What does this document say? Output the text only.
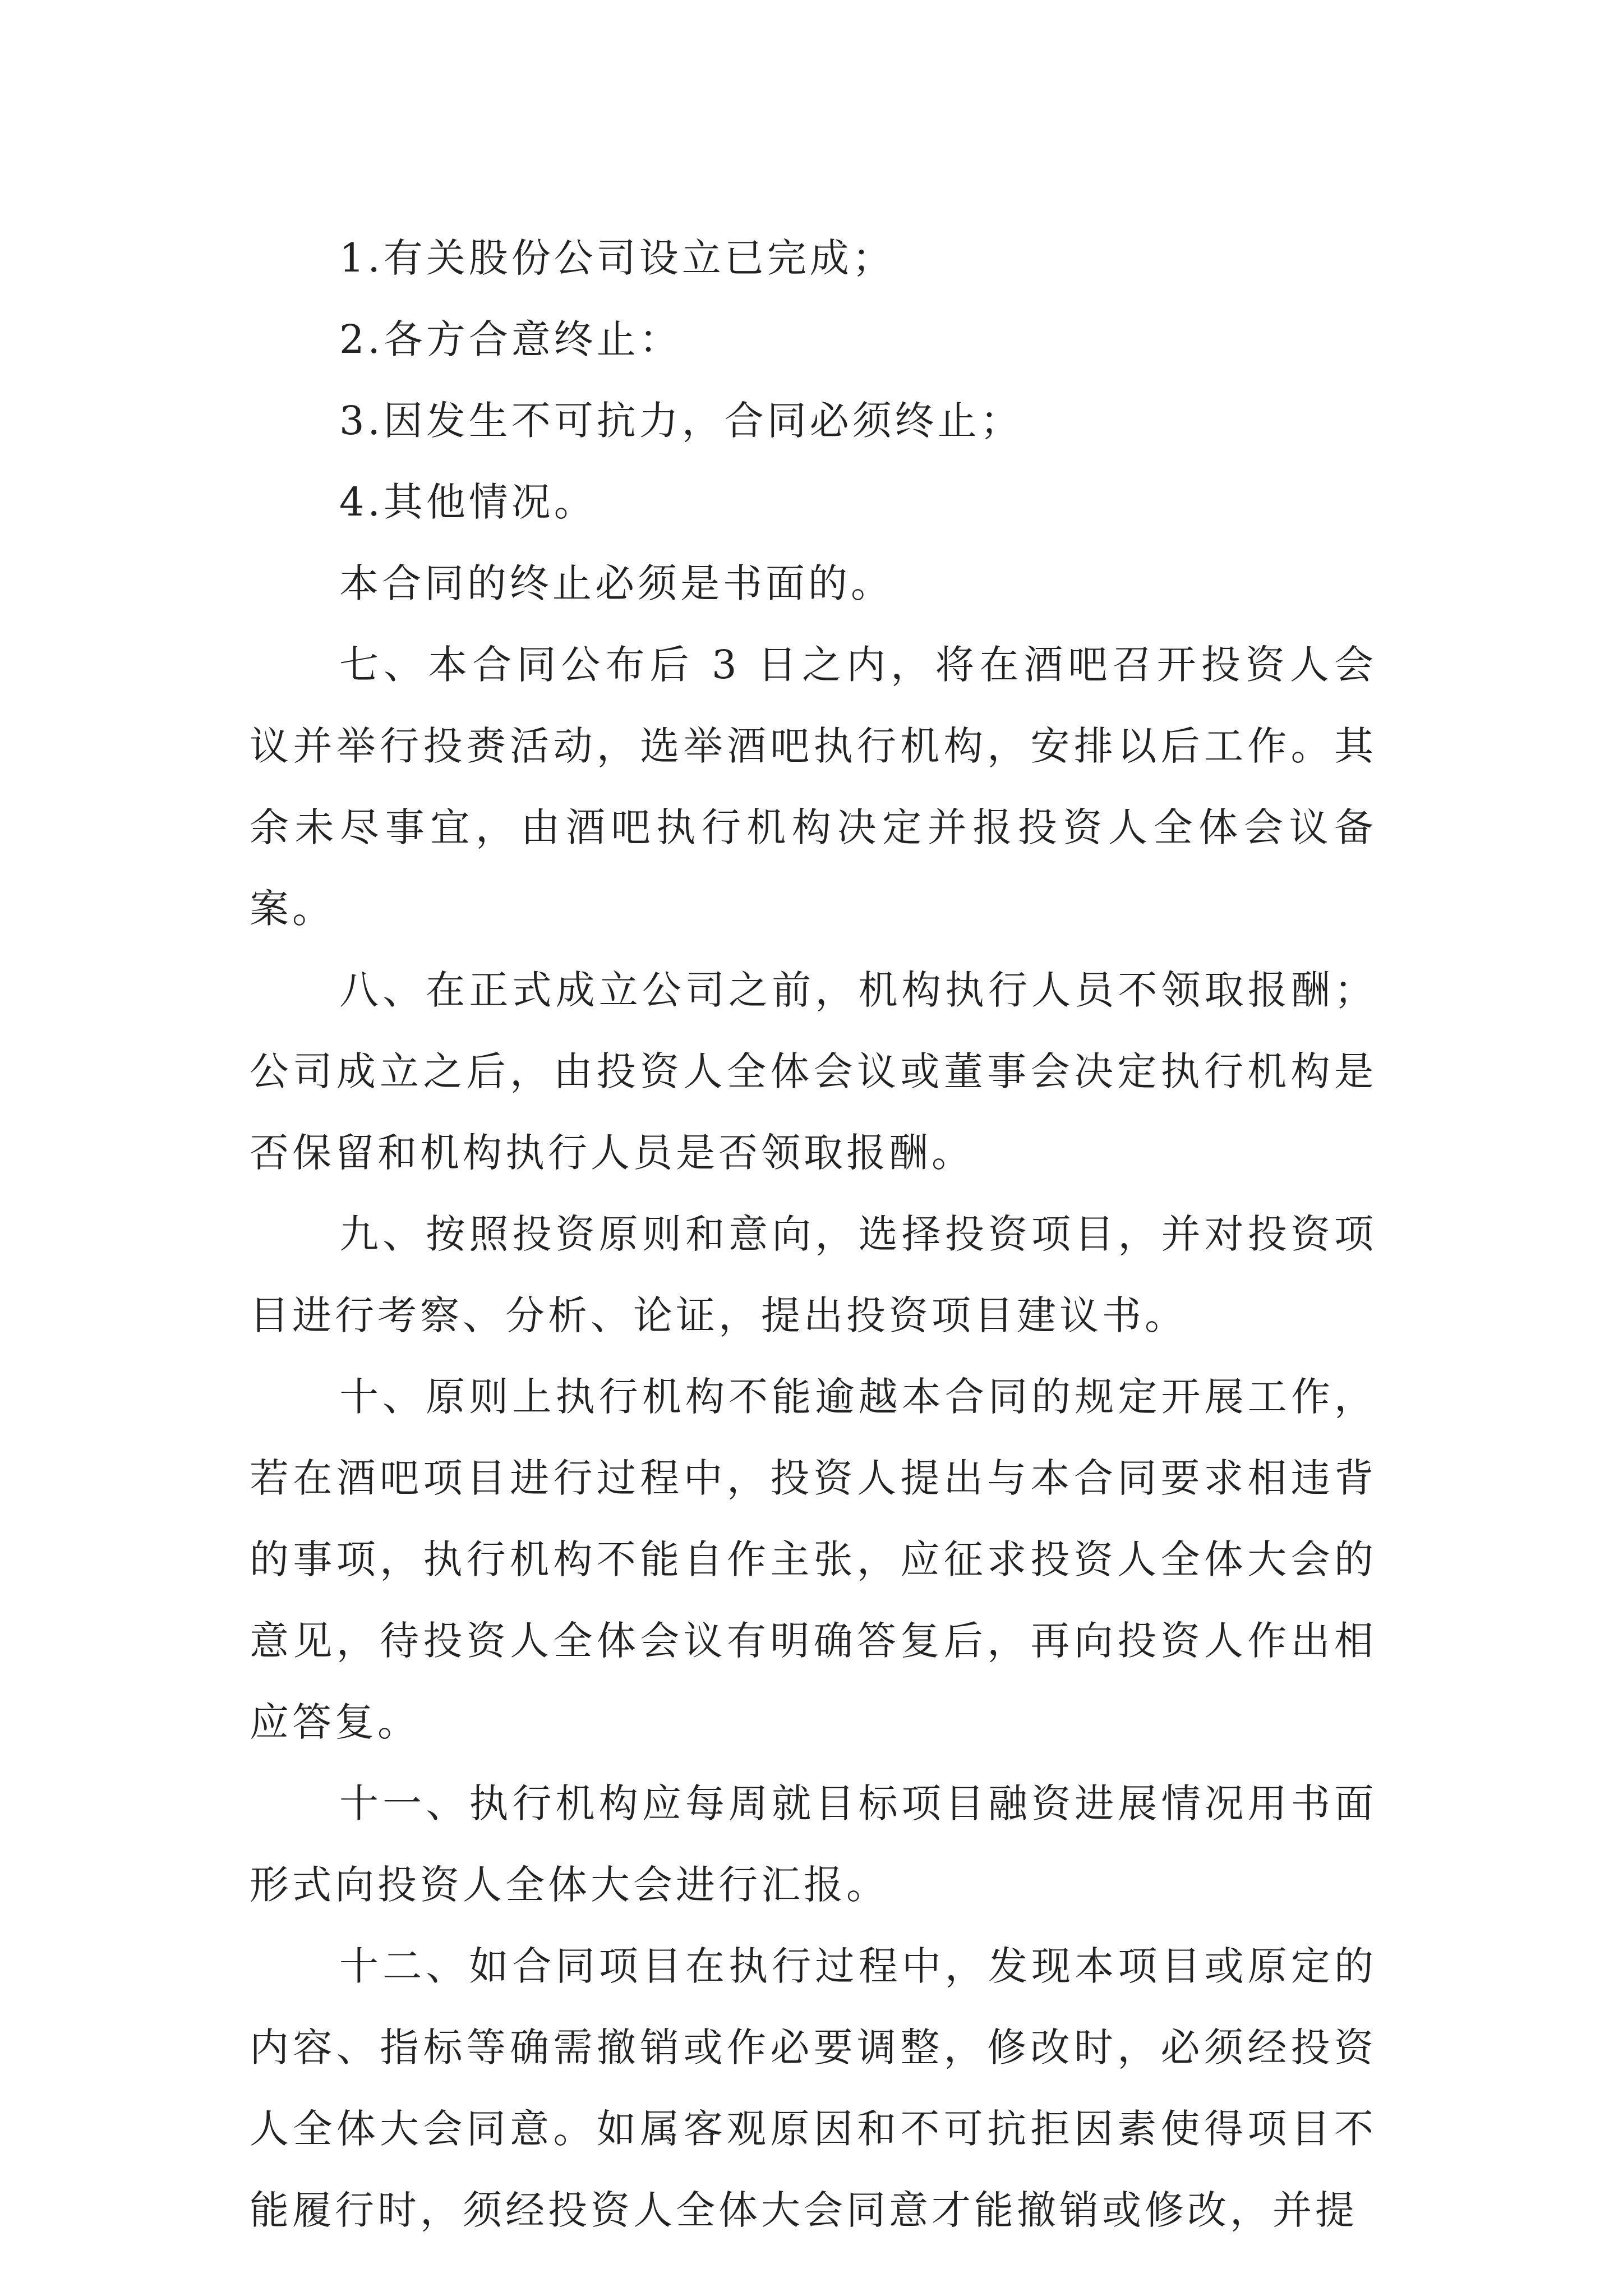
1.有关股份公司设立已完成；

2.各方合意终止：

3.因发生不可抗力，合同必须终止；

4.其他情况。

本合同的终止必须是书面的。

七、本合同公布后 3 日之内，将在酒吧召开投资人会议并举行投赉活动，选举酒吧执行机构，安排以后工作。其余未尽事宜，由酒吧执行机构决定并报投资人全体会议备案。

八、在正式成立公司之前，机构执行人员不领取报酬；公司成立之后，由投资人全体会议或董事会决定执行机构是否保留和机构执行人员是否领取报酬。

九、按照投资原则和意向，选择投资项目，并对投资项目进行考察、分析、论证，提出投资项目建议书。

十、原则上执行机构不能逾越本合同的规定开展工作，若在酒吧项目进行过程中，投资人提出与本合同要求相违背的事项，执行机构不能自作主张，应征求投资人全体大会的意见，待投资人全体会议有明确答复后，再向投资人作出相应答复。

十一、执行机构应每周就目标项目融资进展情况用书面形式向投资人全体大会进行汇报。

十二、如合同项目在执行过程中，发现本项目或原定的内容、指标等确需撤销或作必要调整，修改时，必须经投资人全体大会同意。如属客观原因和不可抗拒因素使得项目不能履行时，须经投资人全体大会同意才能撤销或修改，并提
